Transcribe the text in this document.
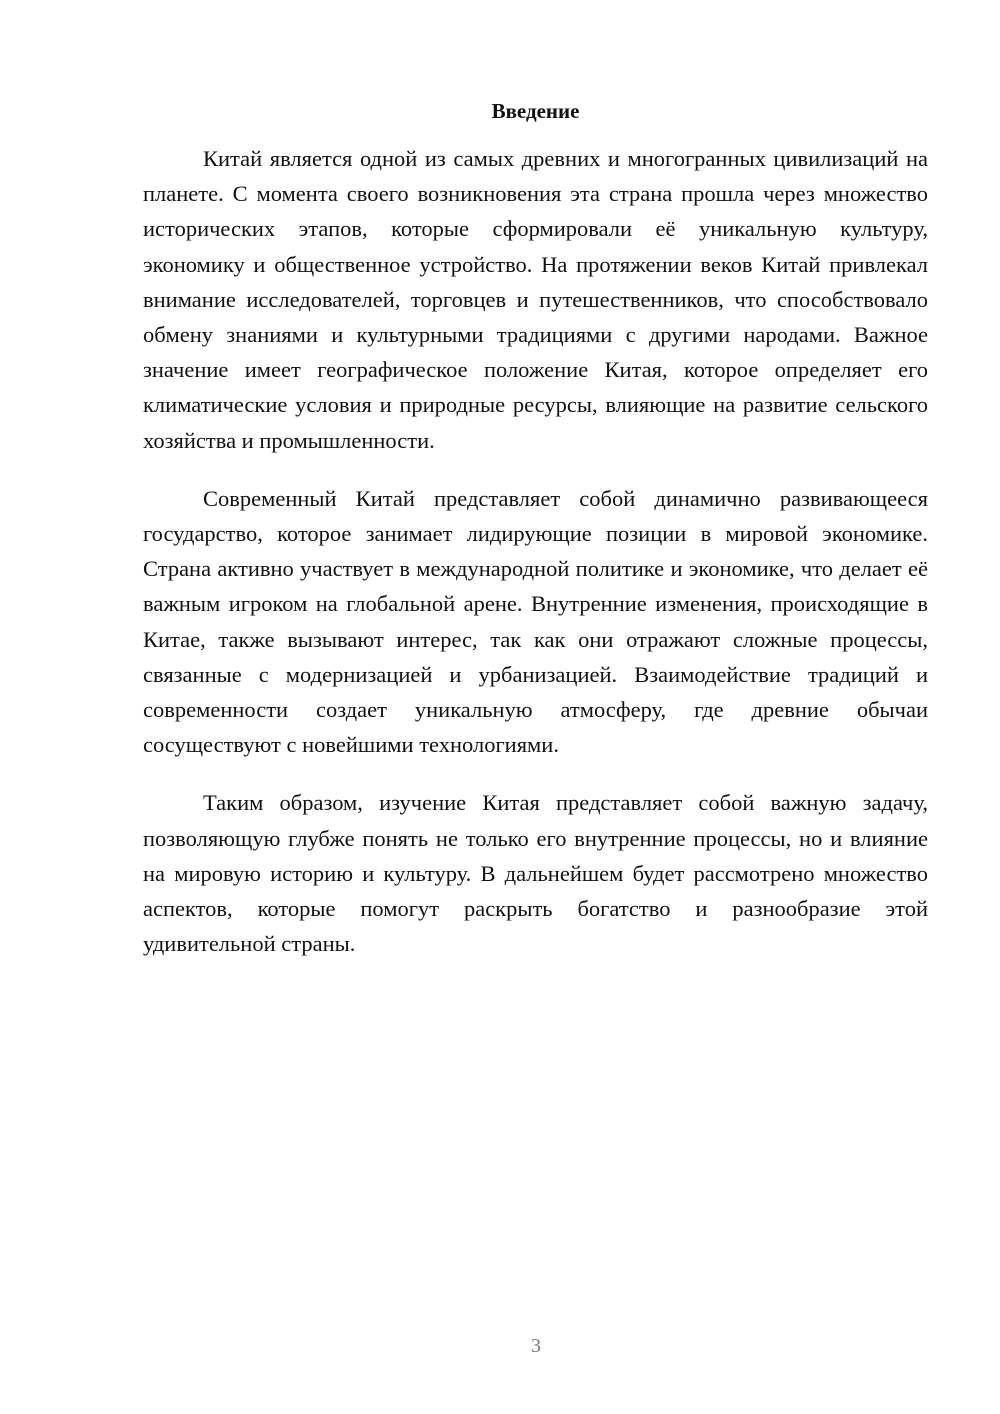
Введение

Китай является одной из самых древних и многогранных цивилизаций на планете. С момента своего возникновения эта страна прошла через множество исторических этапов, которые сформировали её уникальную культуру, экономику и общественное устройство. На протяжении веков Китай привлекал внимание исследователей, торговцев и путешественников, что способствовало обмену знаниями и культурными традициями с другими народами. Важное значение имеет географическое положение Китая, которое определяет его климатические условия и природные ресурсы, влияющие на развитие сельского хозяйства и промышленности.

Современный Китай представляет собой динамично развивающееся государство, которое занимает лидирующие позиции в мировой экономике. Страна активно участвует в международной политике и экономике, что делает её важным игроком на глобальной арене. Внутренние изменения, происходящие в Китае, также вызывают интерес, так как они отражают сложные процессы, связанные с модернизацией и урбанизацией. Взаимодействие традиций и современности создает уникальную атмосферу, где древние обычаи сосуществуют с новейшими технологиями.

Таким образом, изучение Китая представляет собой важную задачу, позволяющую глубже понять не только его внутренние процессы, но и влияние на мировую историю и культуру. В дальнейшем будет рассмотрено множество аспектов, которые помогут раскрыть богатство и разнообразие этой удивительной страны.

3
